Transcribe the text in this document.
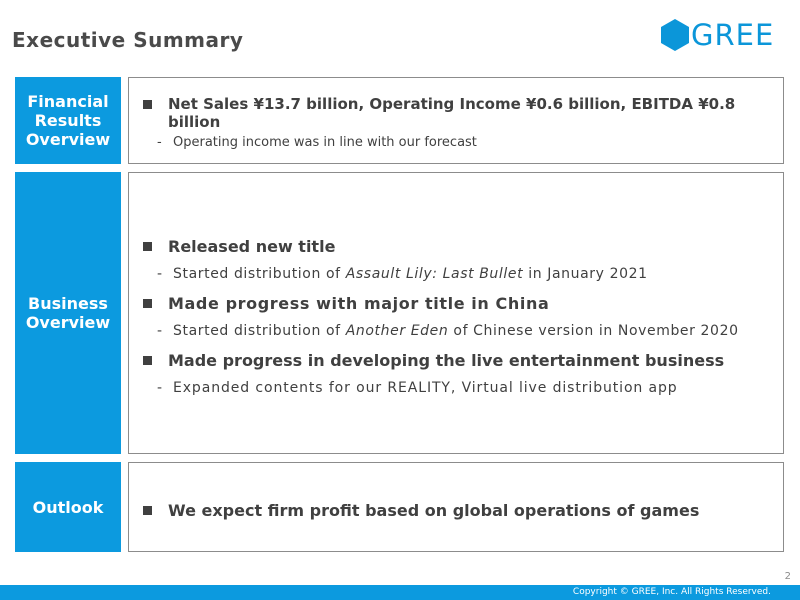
Executive Summary	GREE
Financial
Results
Overview
Net Sales ¥13.7 billion, Operating Income ¥0.6 billion, EBITDA ¥0.8
billion
- Operating income was in line with our forecast
Business
Overview
Released new title
- Started distribution of Assault Lily: Last Bullet in January 2021
Made progress with major title in China
- Started distribution of Another Eden of Chinese version in November 2020
Made progress in developing the live entertainment business
- Expanded contents for our REALITY, Virtual live distribution app
Outlook	We expect firm profit based on global operations of games
2
Copyright © GREE, Inc. All Rights Reserved.
